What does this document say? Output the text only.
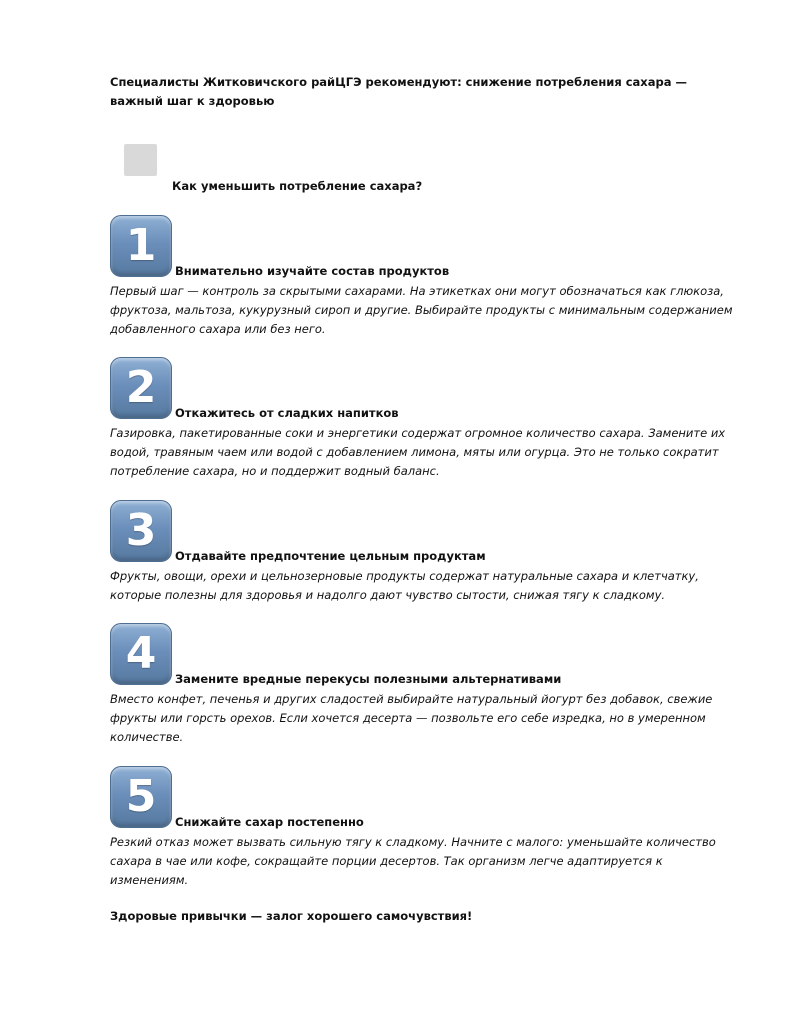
Специалисты Житковичского райЦГЭ рекомендуют: снижение потребления сахара — важный шаг к здоровью
Как уменьшить потребление сахара?
1 Внимательно изучайте состав продуктов
Первый шаг — контроль за скрытыми сахарами. На этикетках они могут обозначаться как глюкоза, фруктоза, мальтоза, кукурузный сироп и другие. Выбирайте продукты с минимальным содержанием добавленного сахара или без него.
2 Откажитесь от сладких напитков
Газировка, пакетированные соки и энергетики содержат огромное количество сахара. Замените их водой, травяным чаем или водой с добавлением лимона, мяты или огурца. Это не только сократит потребление сахара, но и поддержит водный баланс.
3 Отдавайте предпочтение цельным продуктам
Фрукты, овощи, орехи и цельнозерновые продукты содержат натуральные сахара и клетчатку, которые полезны для здоровья и надолго дают чувство сытости, снижая тягу к сладкому.
4 Замените вредные перекусы полезными альтернативами
Вместо конфет, печенья и других сладостей выбирайте натуральный йогурт без добавок, свежие фрукты или горсть орехов. Если хочется десерта — позвольте его себе изредка, но в умеренном количестве.
5 Снижайте сахар постепенно
Резкий отказ может вызвать сильную тягу к сладкому. Начните с малого: уменьшайте количество сахара в чае или кофе, сокращайте порции десертов. Так организм легче адаптируется к изменениям.
Здоровые привычки — залог хорошего самочувствия!
